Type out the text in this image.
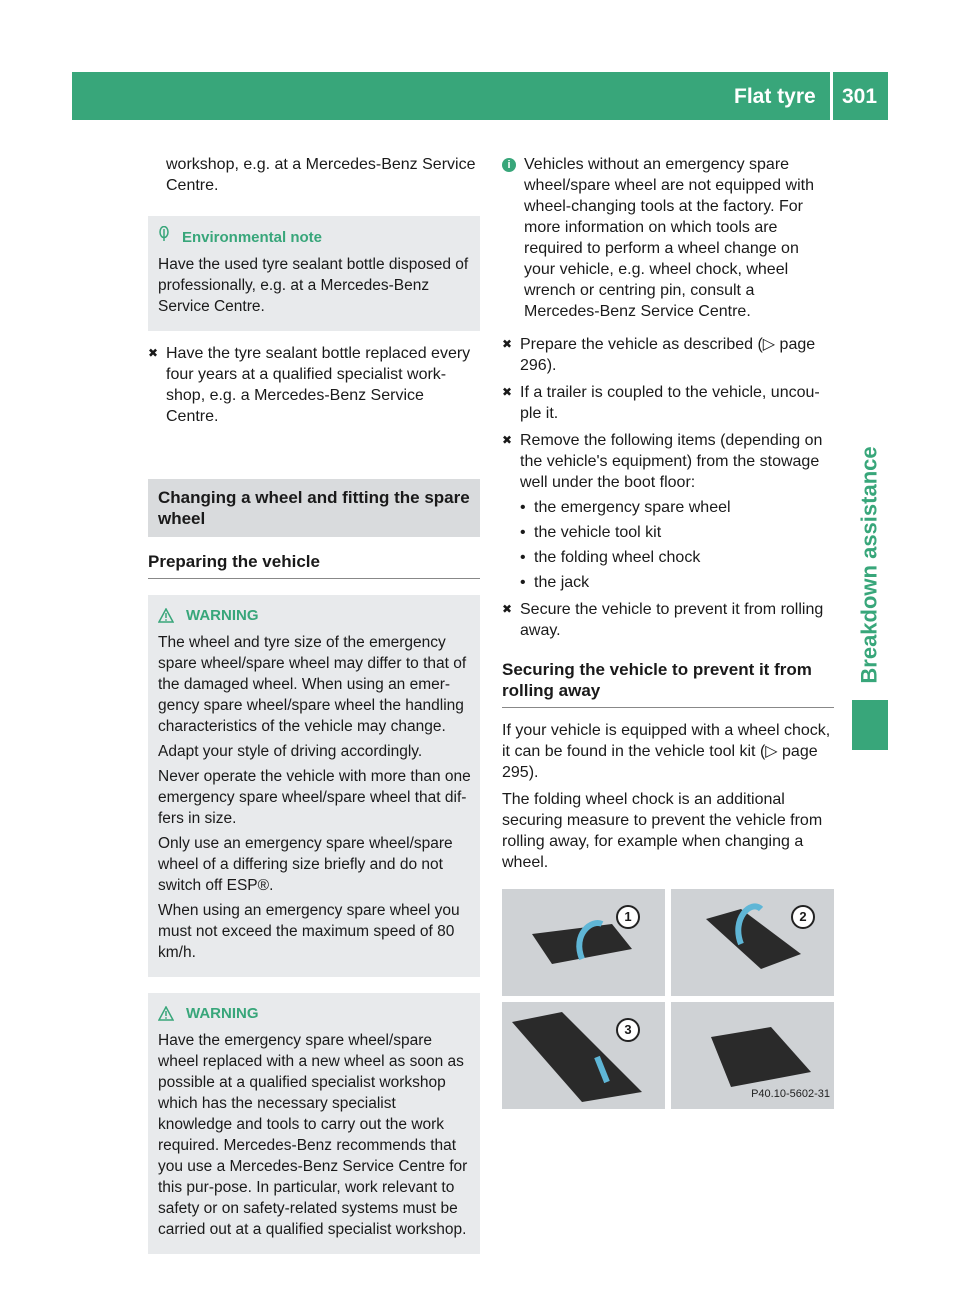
Flat tyre 301
Breakdown assistance

workshop, e.g. at a Mercedes-Benz Service Centre.

Environmental note

Have the used tyre sealant bottle disposed of professionally, e.g. at a Mercedes-Benz Service Centre.

✖ Have the tyre sealant bottle replaced every four years at a qualified specialist work-shop, e.g. a Mercedes-Benz Service Centre.
Changing a wheel and fitting the spare wheel
Preparing the vehicle
WARNING

The wheel and tyre size of the emergency spare wheel/spare wheel may differ to that of the damaged wheel. When using an emer-gency spare wheel/spare wheel the handling characteristics of the vehicle may change.

Adapt your style of driving accordingly.

Never operate the vehicle with more than one emergency spare wheel/spare wheel that dif-fers in size.

Only use an emergency spare wheel/spare wheel of a differing size briefly and do not switch off ESP®.

When using an emergency spare wheel you must not exceed the maximum speed of 80 km/h.

WARNING

Have the emergency spare wheel/spare wheel replaced with a new wheel as soon as possible at a qualified specialist workshop which has the necessary specialist knowledge and tools to carry out the work required. Mercedes-Benz recommends that you use a Mercedes-Benz Service Centre for this pur-pose. In particular, work relevant to safety or on safety-related systems must be carried out at a qualified specialist workshop.

i Vehicles without an emergency spare wheel/spare wheel are not equipped with wheel-changing tools at the factory. For more information on which tools are required to perform a wheel change on your vehicle, e.g. wheel chock, wheel wrench or centring pin, consult a Mercedes-Benz Service Centre.
✖ Prepare the vehicle as described (▷ page 296).
✖ If a trailer is coupled to the vehicle, uncou-ple it.
✖ Remove the following items (depending on the vehicle's equipment) from the stowage well under the boot floor:
• the emergency spare wheel
• the vehicle tool kit
• the folding wheel chock
• the jack
✖ Secure the vehicle to prevent it from rolling away.
Securing the vehicle to prevent it from rolling away

If your vehicle is equipped with a wheel chock, it can be found in the vehicle tool kit (▷ page 295).

The folding wheel chock is an additional securing measure to prevent the vehicle from rolling away, for example when changing a wheel.

1	2
3
P40.10-5602-31
